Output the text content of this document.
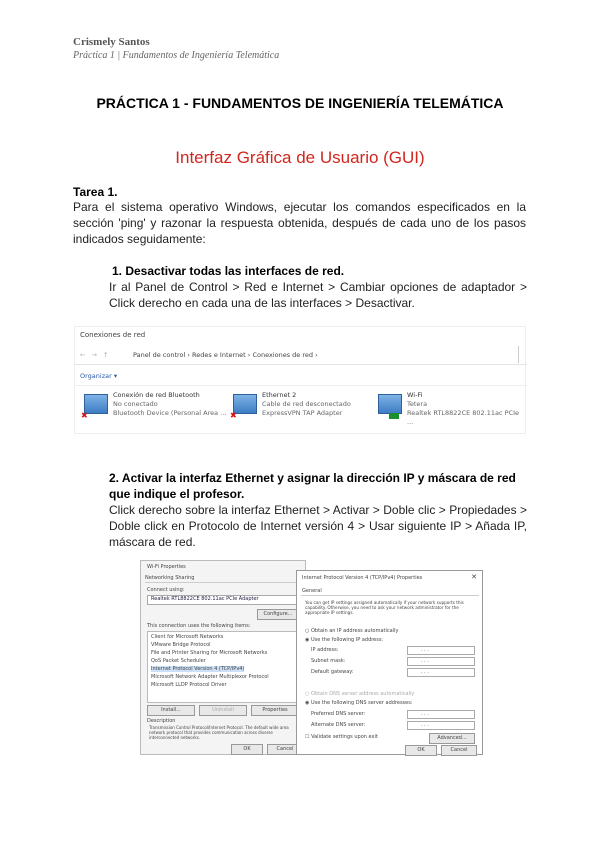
Crismely Santos
Práctica 1 | Fundamentos de Ingeniería Telemática
PRÁCTICA 1 - FUNDAMENTOS DE INGENIERÍA TELEMÁTICA
Interfaz Gráfica de Usuario (GUI)
Tarea 1.
Para el sistema operativo Windows, ejecutar los comandos especificados en la sección 'ping' y razonar la respuesta obtenida, después de cada uno de los pasos indicados seguidamente:
1. Desactivar todas las interfaces de red.
Ir al Panel de Control > Red e Internet > Cambiar opciones de adaptador > Click derecho en cada una de las interfaces > Desactivar.
Conexiones de red
← → ↑	Panel de control › Redes e Internet › Conexiones de red ›
Organizar ▾
✖
Conexión de red Bluetooth
No conectado
Bluetooth Device (Personal Area ... ✖
Ethernet 2
Cable de red desconectado
ExpressVPN TAP Adapter
Wi-Fi
Tetera
Realtek RTL8822CE 802.11ac PCIe ...
2. Activar la interfaz Ethernet y asignar la dirección IP y máscara de red que indique el profesor.
Click derecho sobre la interfaz Ethernet > Activar > Doble clic > Propiedades > Doble click en Protocolo de Internet versión 4 > Usar siguiente IP > Añada IP, máscara de red.
Wi-Fi Properties
Networking Sharing
Connect using:
Realtek RTL8822CE 802.11ac PCIe Adapter
Configure...
This connection uses the following items:
Client for Microsoft Networks
VMware Bridge Protocol
File and Printer Sharing for Microsoft Networks
QoS Packet Scheduler
Internet Protocol Version 4 (TCP/IPv4)
Microsoft Network Adapter Multiplexor Protocol
Microsoft LLDP Protocol Driver
Install...	Uninstall	Properties
Description
Transmission Control Protocol/Internet Protocol. The default wide area network protocol that provides communication across diverse interconnected networks.
OK	Cancel
Internet Protocol Version 4 (TCP/IPv4) Properties	✕
General
You can get IP settings assigned automatically if your network supports this capability. Otherwise, you need to ask your network administrator for the appropriate IP settings.
○ Obtain an IP address automatically
◉ Use the following IP address:
IP address:	. . .
Subnet mask:	. . .
Default gateway:	. . .
○ Obtain DNS server address automatically
◉ Use the following DNS server addresses:
Preferred DNS server:	. . .
Alternate DNS server:	. . .
☐ Validate settings upon exit	Advanced...
OK	Cancel
